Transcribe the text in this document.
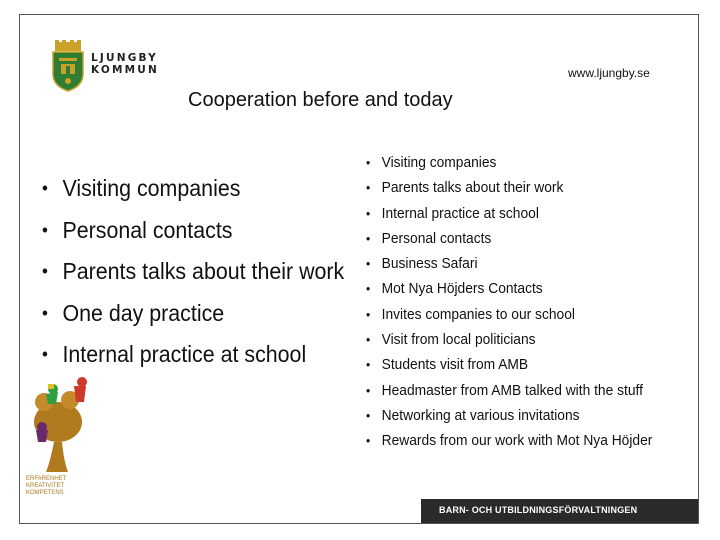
LJUNGBY
KOMMUN	www.ljungby.se
Cooperation before and today
• Visiting companies
• Personal contacts
• Parents talks about their work
• One day practice
• Internal practice at school
• Visiting companies
• Parents talks about their work
• Internal practice at school
• Personal contacts
• Business Safari
• Mot Nya Höjders Contacts
• Invites companies to our school
• Visit from local politicians
• Students visit from AMB
• Headmaster from AMB talked with the stuff
• Networking at various invitations
• Rewards from our work with Mot Nya Höjder
ERFARENHET
KREATIVITET
KOMPETENS
BARN- OCH UTBILDNINGSFÖRVALTNINGEN
